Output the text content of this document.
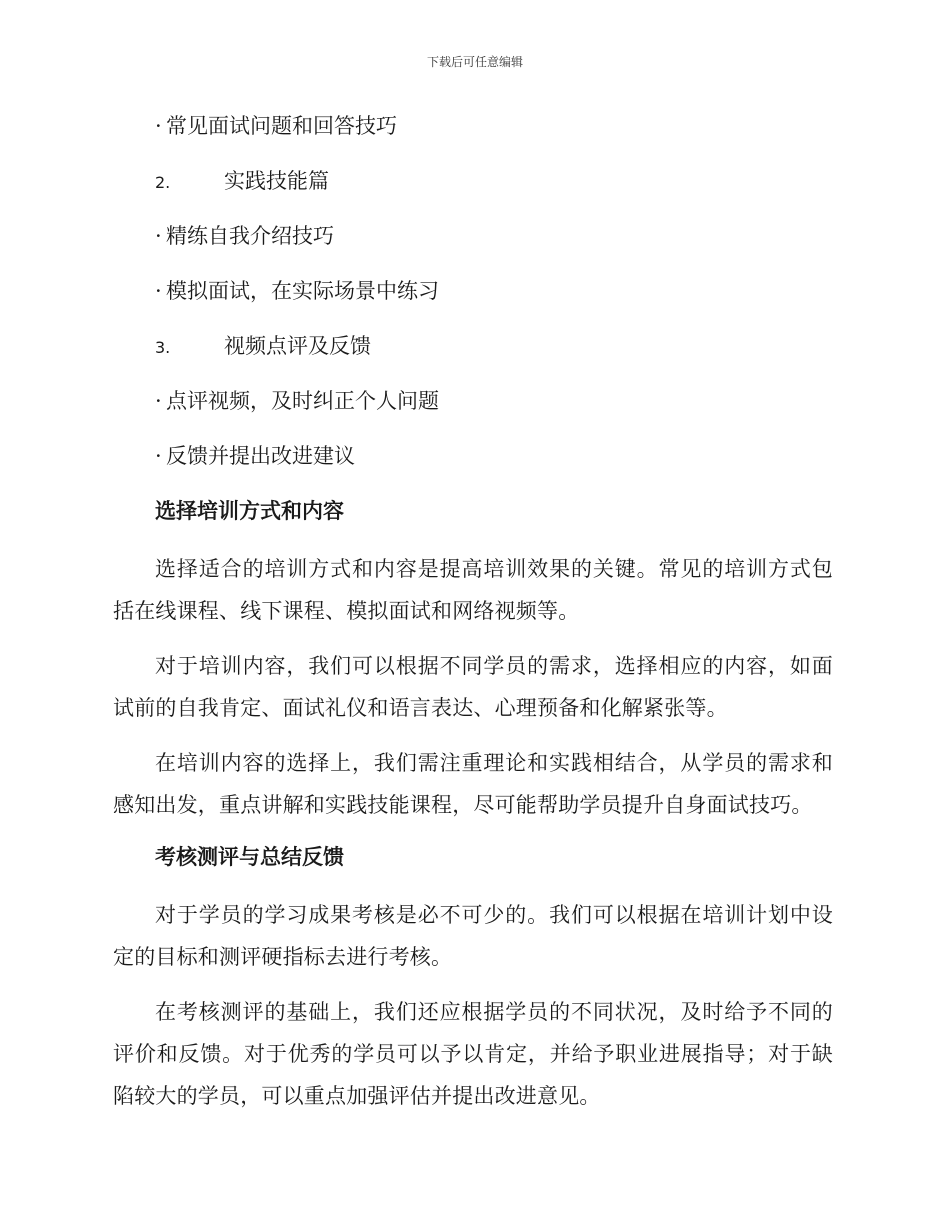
下载后可任意编辑
· 常见面试问题和回答技巧
2.	实践技能篇
· 精练自我介绍技巧
· 模拟面试，在实际场景中练习
3.	视频点评及反馈
· 点评视频，及时纠正个人问题
· 反馈并提出改进建议
选择培训方式和内容

选择适合的培训方式和内容是提高培训效果的关键。常见的培训方式包括在线课程、线下课程、模拟面试和网络视频等。

对于培训内容，我们可以根据不同学员的需求，选择相应的内容，如面试前的自我肯定、面试礼仪和语言表达、心理预备和化解紧张等。

在培训内容的选择上，我们需注重理论和实践相结合，从学员的需求和感知出发，重点讲解和实践技能课程，尽可能帮助学员提升自身面试技巧。

考核测评与总结反馈

对于学员的学习成果考核是必不可少的。我们可以根据在培训计划中设定的目标和测评硬指标去进行考核。

在考核测评的基础上，我们还应根据学员的不同状况，及时给予不同的评价和反馈。对于优秀的学员可以予以肯定，并给予职业进展指导；对于缺陷较大的学员，可以重点加强评估并提出改进意见。
